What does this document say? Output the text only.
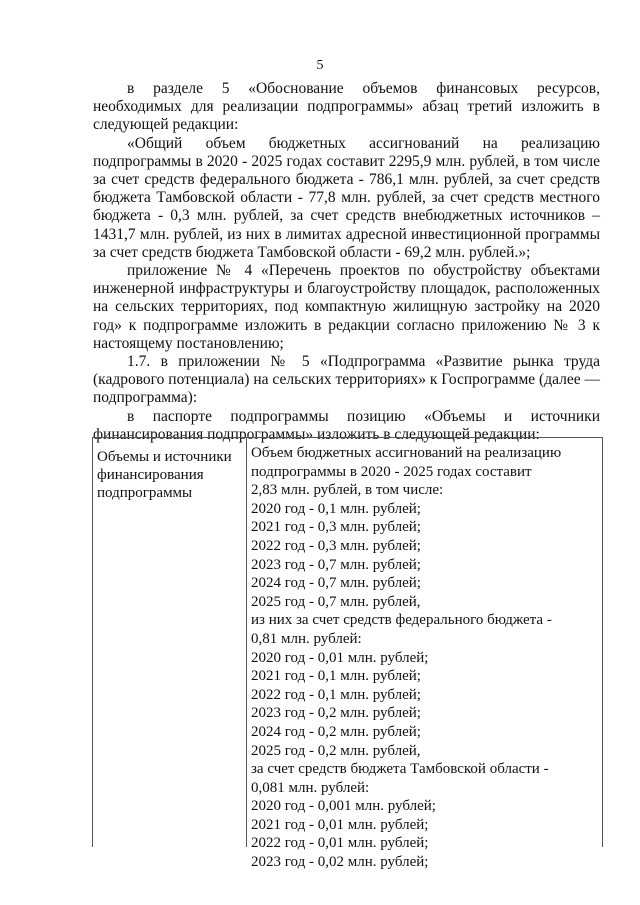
5

в разделе 5 «Обоснование объемов финансовых ресурсов, необходимых для реализации подпрограммы» абзац третий изложить в следующей редакции:

«Общий объем бюджетных ассигнований на реализацию подпрограммы в 2020 - 2025 годах составит 2295,9 млн. рублей, в том числе за счет средств федерального бюджета - 786,1 млн. рублей, за счет средств бюджета Тамбовской области - 77,8 млн. рублей, за счет средств местного бюджета - 0,3 млн. рублей, за счет средств внебюджетных источников – 1431,7 млн. рублей, из них в лимитах адресной инвестиционной программы за счет средств бюджета Тамбовской области - 69,2 млн. рублей.»;

приложение № 4 «Перечень проектов по обустройству объектами инженерной инфраструктуры и благоустройству площадок, расположенных на сельских территориях, под компактную жилищную застройку на 2020 год» к подпрограмме изложить в редакции согласно приложению № 3 к настоящему постановлению;

1.7. в приложении № 5 «Подпрограмма «Развитие рынка труда (кадрового потенциала) на сельских территориях» к Госпрограмме (далее — подпрограмма):

в паспорте подпрограммы позицию «Объемы и источники финансирования подпрограммы» изложить в следующей редакции:

Объемы и источники финансирования подпрограммы
Объем бюджетных ассигнований на реализацию
подпрограммы в 2020 - 2025 годах составит
2,83 млн. рублей, в том числе:
2020 год - 0,1 млн. рублей;
2021 год - 0,3 млн. рублей;
2022 год - 0,3 млн. рублей;
2023 год - 0,7 млн. рублей;
2024 год - 0,7 млн. рублей;
2025 год - 0,7 млн. рублей,
из них за счет средств федерального бюджета -
0,81 млн. рублей:
2020 год - 0,01 млн. рублей;
2021 год - 0,1 млн. рублей;
2022 год - 0,1 млн. рублей;
2023 год - 0,2 млн. рублей;
2024 год - 0,2 млн. рублей;
2025 год - 0,2 млн. рублей,
за счет средств бюджета Тамбовской области -
0,081 млн. рублей:
2020 год - 0,001 млн. рублей;
2021 год - 0,01 млн. рублей;
2022 год - 0,01 млн. рублей;
2023 год - 0,02 млн. рублей;
